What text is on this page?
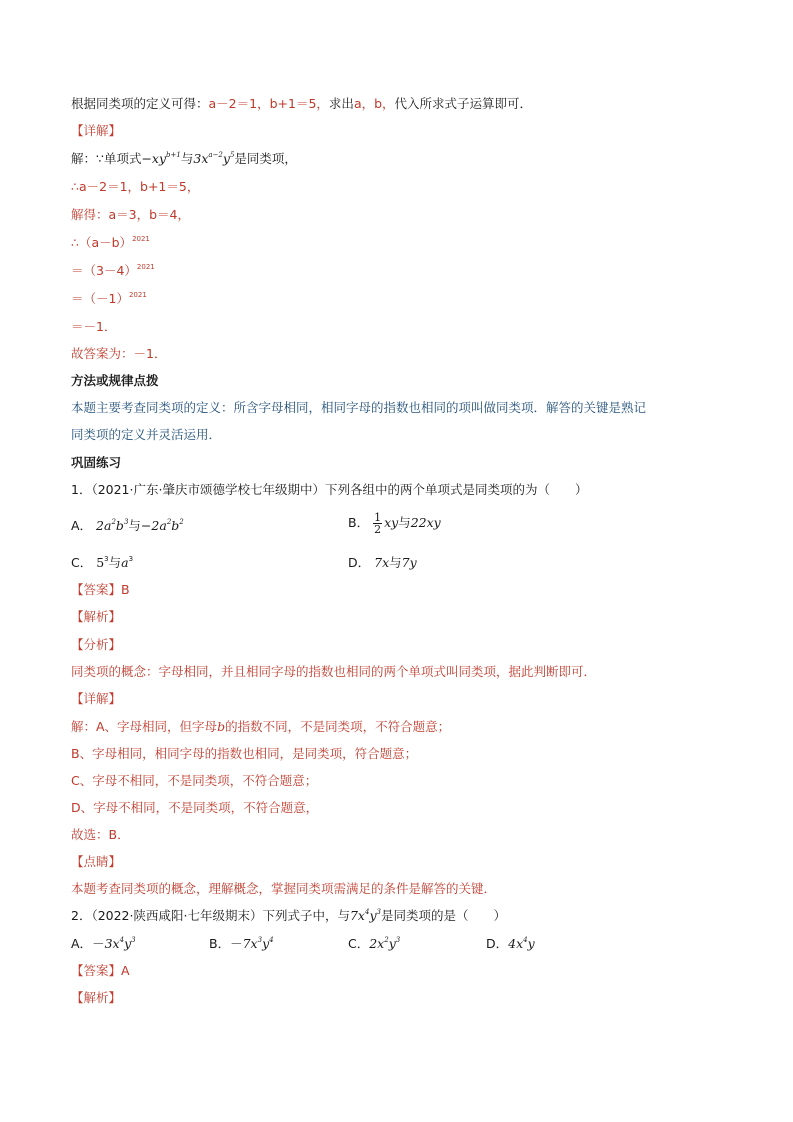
根据同类项的定义可得：a－2＝1，b+1＝5，求出a，b，代入所求式子运算即可．
【详解】
解：∵单项式$-xy^{b+1}$与$3x^{a-2}y^5$是同类项，
∴a－2＝1，b+1＝5，
解得：a＝3，b＝4，
$\therefore(a-b)^{2021}$
$=(3-4)^{2021}$
$=(-1)^{2021}$
＝－1．
故答案为：－1．
方法或规律点拨
本题主要考查同类项的定义：所含字母相同，相同字母的指数也相同的项叫做同类项．解答的关键是熟记
同类项的定义并灵活运用．
巩固练习
1．（2021·广东·肇庆市颂德学校七年级期中）下列各组中的两个单项式是同类项的为（　　）
A． $2a^2b^3$与$-2a^2b^2$	B． $\frac{1}{2}$ xy与22xy
C． $5^3$与$a^3$	D． 7x与7y
【答案】B
【解析】
【分析】
同类项的概念：字母相同，并且相同字母的指数也相同的两个单项式叫同类项，据此判断即可．
【详解】
解：A、字母相同，但字母b的指数不同，不是同类项，不符合题意；
B、字母相同，相同字母的指数也相同，是同类项，符合题意；
C、字母不相同，不是同类项，不符合题意；
D、字母不相同，不是同类项，不符合题意，
故选：B．
【点睛】
本题考查同类项的概念，理解概念，掌握同类项需满足的条件是解答的关键．
2．（2022·陕西咸阳·七年级期末）下列式子中，与$7x^4y^3$是同类项的是（　　）
A．$-3x^4y^3$	B．$-7x^3y^4$	C．$2x^2y^3$	D．$4x^4y$
【答案】A
【解析】
